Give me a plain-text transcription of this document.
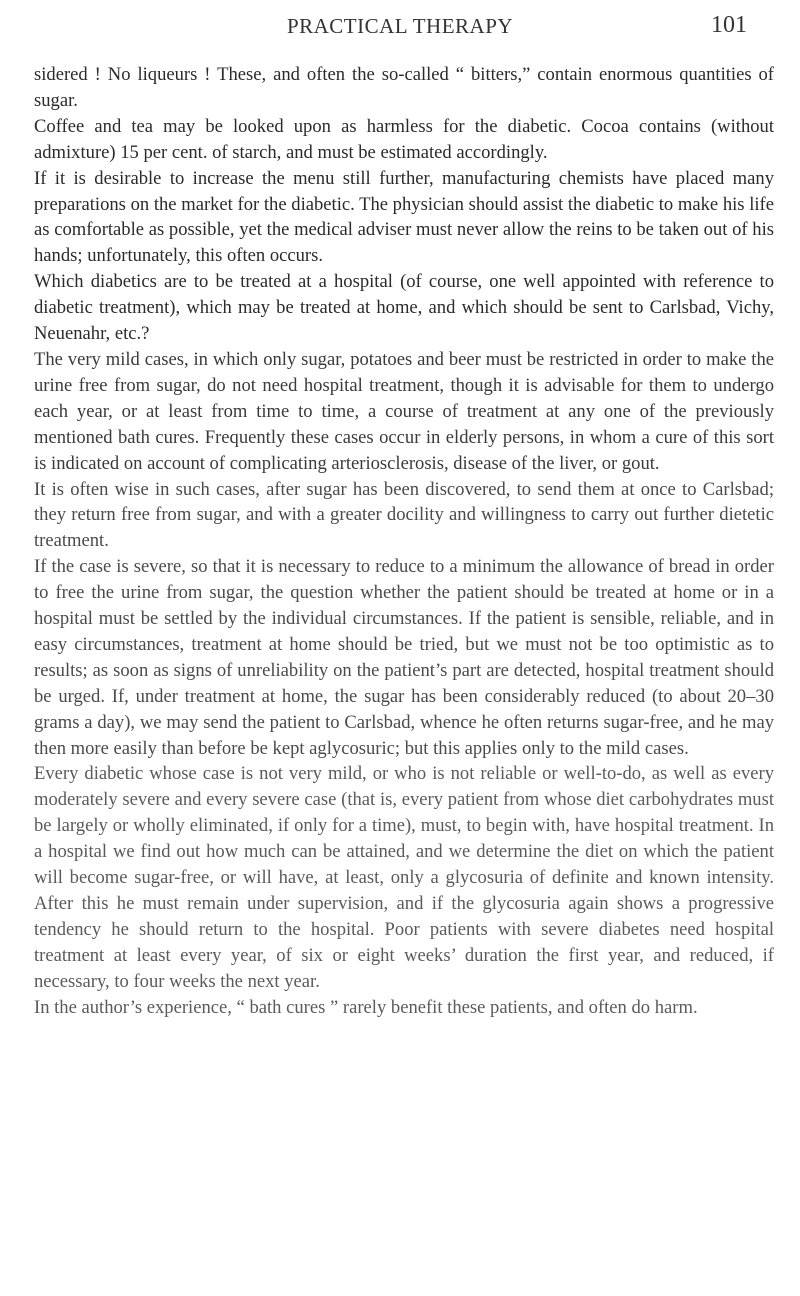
PRACTICAL THERAPY	101

sidered ! No liqueurs ! These, and often the so-called “ bitters,” contain enormous quantities of sugar.

Coffee and tea may be looked upon as harmless for the diabetic. Cocoa contains (without admixture) 15 per cent. of starch, and must be estimated accordingly.

If it is desirable to increase the menu still further, manufacturing chemists have placed many preparations on the market for the diabetic. The physician should assist the diabetic to make his life as comfortable as possible, yet the medical adviser must never allow the reins to be taken out of his hands; unfortunately, this often occurs.

Which diabetics are to be treated at a hospital (of course, one well appointed with reference to diabetic treatment), which may be treated at home, and which should be sent to Carlsbad, Vichy, Neuenahr, etc.?

The very mild cases, in which only sugar, potatoes and beer must be restricted in order to make the urine free from sugar, do not need hospital treatment, though it is advisable for them to undergo each year, or at least from time to time, a course of treatment at any one of the previously mentioned bath cures. Frequently these cases occur in elderly persons, in whom a cure of this sort is indicated on account of complicating arteriosclerosis, disease of the liver, or gout.

It is often wise in such cases, after sugar has been discovered, to send them at once to Carlsbad; they return free from sugar, and with a greater docility and willingness to carry out further dietetic treatment.

If the case is severe, so that it is necessary to reduce to a minimum the allowance of bread in order to free the urine from sugar, the question whether the patient should be treated at home or in a hospital must be settled by the individual circumstances. If the patient is sensible, reliable, and in easy circumstances, treatment at home should be tried, but we must not be too optimistic as to results; as soon as signs of unreliability on the patient’s part are detected, hospital treatment should be urged. If, under treatment at home, the sugar has been considerably reduced (to about 20–30 grams a day), we may send the patient to Carlsbad, whence he often returns sugar-free, and he may then more easily than before be kept aglycosuric; but this applies only to the mild cases.

Every diabetic whose case is not very mild, or who is not reliable or well-to-do, as well as every moderately severe and every severe case (that is, every patient from whose diet carbohydrates must be largely or wholly eliminated, if only for a time), must, to begin with, have hospital treatment. In a hospital we find out how much can be attained, and we determine the diet on which the patient will become sugar-free, or will have, at least, only a glycosuria of definite and known intensity. After this he must remain under supervision, and if the glycosuria again shows a progressive tendency he should return to the hospital. Poor patients with severe diabetes need hospital treatment at least every year, of six or eight weeks’ duration the first year, and reduced, if necessary, to four weeks the next year.

In the author’s experience, “ bath cures ” rarely benefit these patients, and often do harm.
